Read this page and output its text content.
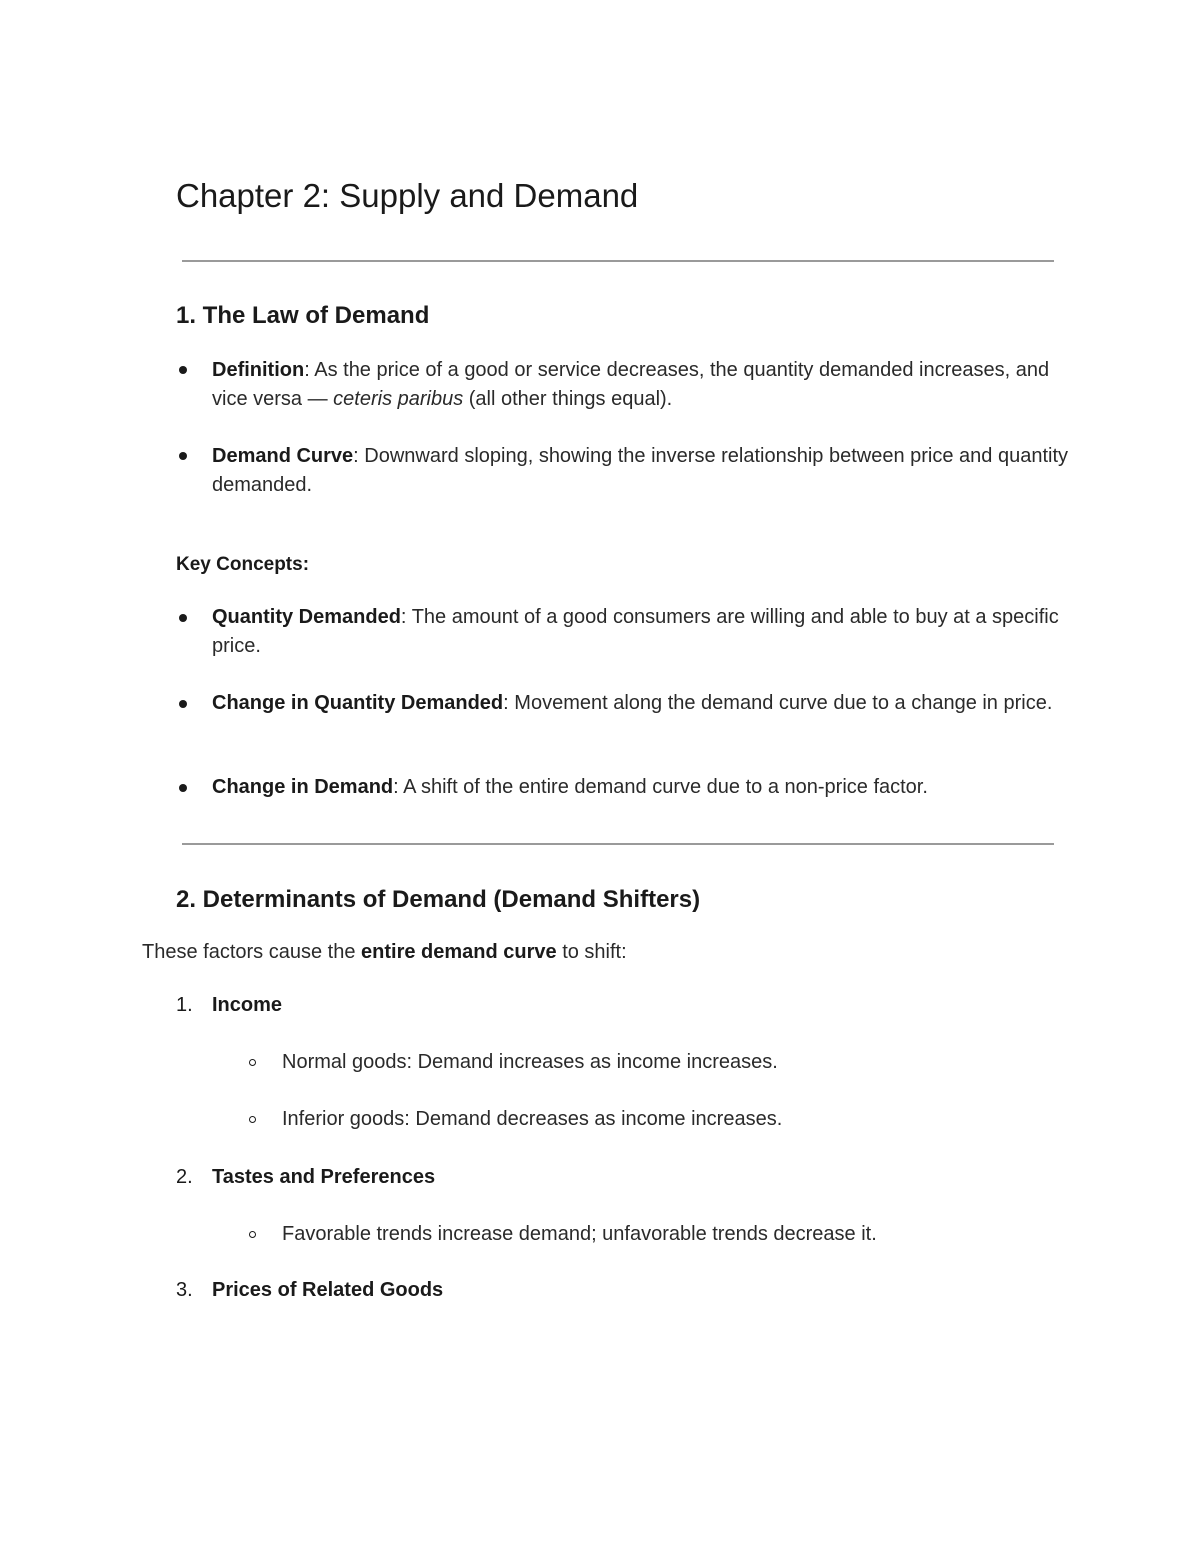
Chapter 2: Supply and Demand
1. The Law of Demand
Definition: As the price of a good or service decreases, the quantity demanded increases, and vice versa — ceteris paribus (all other things equal).
Demand Curve: Downward sloping, showing the inverse relationship between price and quantity demanded.
Key Concepts:
Quantity Demanded: The amount of a good consumers are willing and able to buy at a specific price.
Change in Quantity Demanded: Movement along the demand curve due to a change in price.
Change in Demand: A shift of the entire demand curve due to a non-price factor.
2. Determinants of Demand (Demand Shifters)
These factors cause the entire demand curve to shift:
1. Income
Normal goods: Demand increases as income increases.
Inferior goods: Demand decreases as income increases.
2. Tastes and Preferences
Favorable trends increase demand; unfavorable trends decrease it.
3. Prices of Related Goods
